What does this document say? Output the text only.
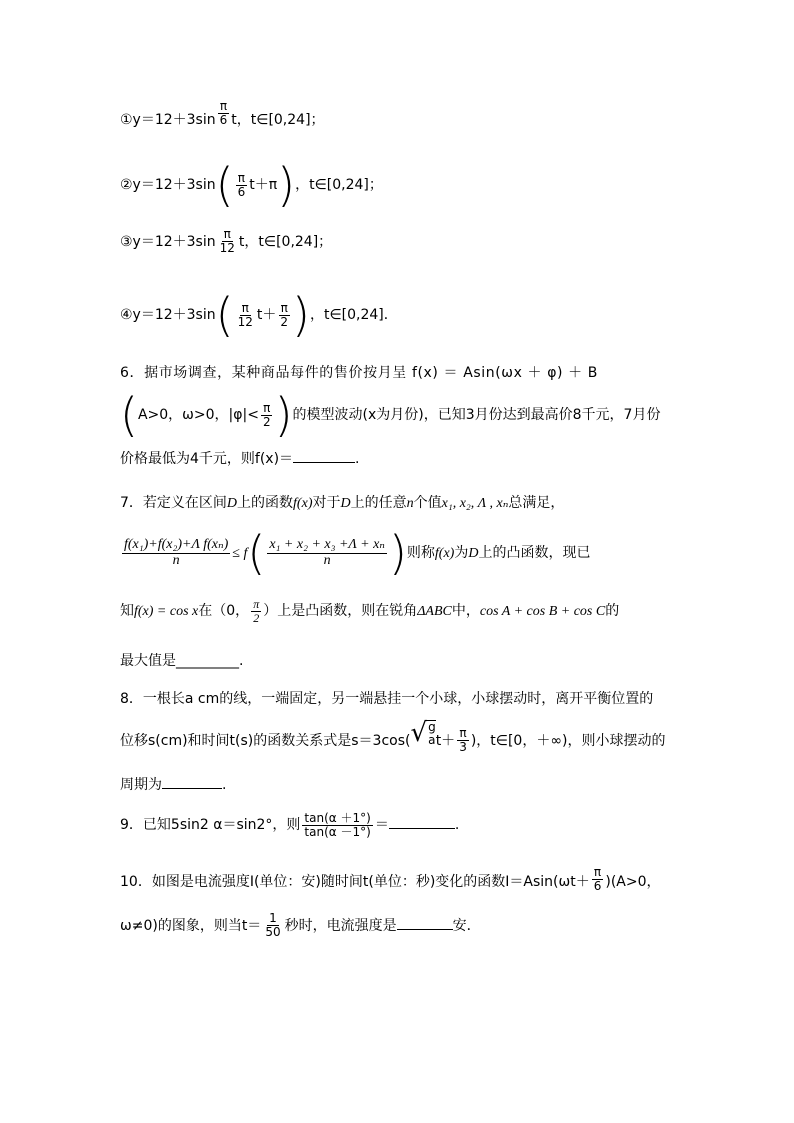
①y＝12＋3sin $\frac{\pi}{6}$ t，t∈[0,24]；
②y＝12＋3sin( $\frac{\pi}{6} t+\pi$)，t∈[0,24]；
③y＝12＋3sin $\frac{\pi}{12}$ t，t∈[0,24]；
④y＝12＋3sin( $\frac{\pi}{12} t+ \frac{\pi}{2}$ )，t∈[0,24]．
6．据市场调查，某种商品每件的售价按月呈 f(x) ＝ Asin(ωx ＋ φ) ＋ B
(A>0，ω>0，$|\varphi|< \frac{\pi}{2}$ )的模型波动(x为月份)，已知3月份达到最高价8千元，7月份
价格最低为4千元，则f(x)＝	.
7．若定义在区间D上的函数f(x)对于D上的任意n个值x₁, x₂, Λ , xₙ总满足，
$\frac{\text{f(x₁)+f(x₂)+Λ f(xₙ)}}{n} \le f( \frac{\text{x₁ + x₂ + x₃ +Λ + xₙ}}{n}$ )则称f(x)为D上的凸函数，现已
知f(x) = cos x在（0， $\frac{\pi}{2}$ ）上是凸函数，则在锐角ΔABC中，cos A + cos B + cos C的
最大值是_________.
8．一根长a cm的线，一端固定，另一端悬挂一个小球，小球摆动时，离开平衡位置的
位移s(cm)和时间t(s)的函数关系式是s＝3cos( √ g
a $t+ \frac{\pi}{3}$ )，t∈[0，＋∞)，则小球摆动的
周期为	.
9．已知5sin2 α＝sin2°，则 $\frac{\tan(\alpha +1^\circ)}{\tan(\alpha -1^\circ)}$ ＝	.
10．如图是电流强度I(单位：安)随时间t(单位：秒)变化的函数$I=Asin(\omega t+ \frac{\pi}{6} )(A>0$，
ω≠0)的图象，则当$t= \frac{1}{50}$ 秒时，电流强度是	安．
